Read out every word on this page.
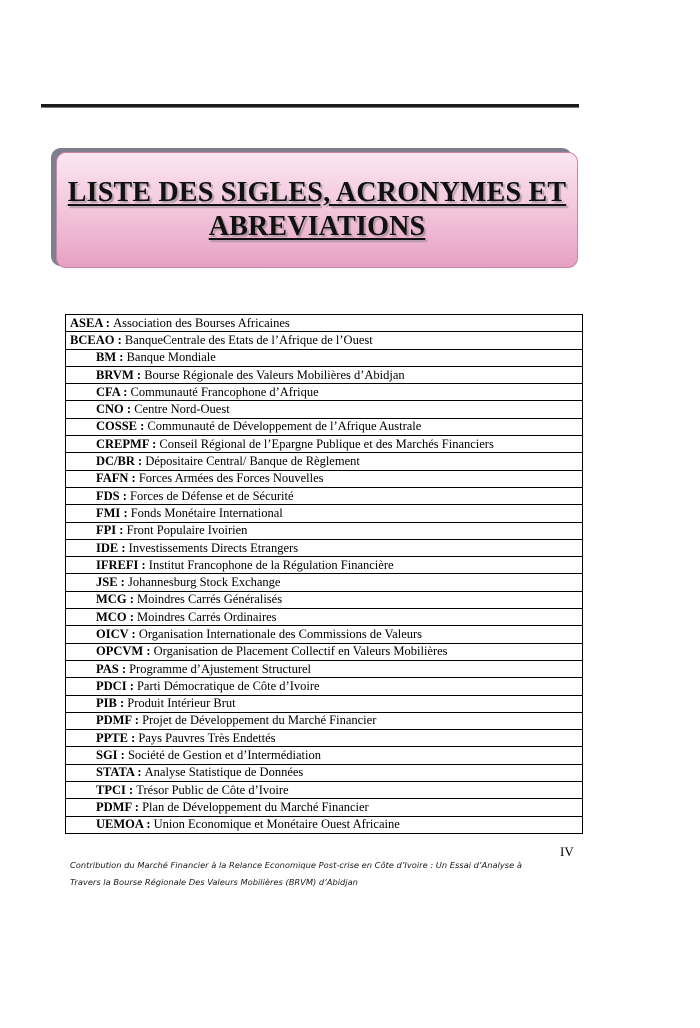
LISTE DES SIGLES, ACRONYMES ET
ABREVIATIONS
ASEA : Association des Bourses Africaines
BCEAO : BanqueCentrale des Etats de l’Afrique de l’Ouest
BM : Banque Mondiale
BRVM : Bourse Régionale des Valeurs Mobilières d’Abidjan
CFA : Communauté Francophone d’Afrique
CNO : Centre Nord-Ouest
COSSE : Communauté de Développement de l’Afrique Australe
CREPMF : Conseil Régional de l’Epargne Publique et des Marchés Financiers
DC/BR : Dépositaire Central/ Banque de Règlement
FAFN : Forces Armées des Forces Nouvelles
FDS : Forces de Défense et de Sécurité
FMI : Fonds Monétaire International
FPI : Front Populaire Ivoirien
IDE : Investissements Directs Etrangers
IFREFI : Institut Francophone de la Régulation Financière
JSE : Johannesburg Stock Exchange
MCG : Moindres Carrés Généralisés
MCO : Moindres Carrés Ordinaires
OICV : Organisation Internationale des Commissions de Valeurs
OPCVM : Organisation de Placement Collectif en Valeurs Mobilières
PAS : Programme d’Ajustement Structurel
PDCI : Parti Démocratique de Côte d’Ivoire
PIB : Produit Intérieur Brut
PDMF : Projet de Développement du Marché Financier
PPTE : Pays Pauvres Très Endettés
SGI : Société de Gestion et d’Intermédiation
STATA : Analyse Statistique de Données
TPCI : Trésor Public de Côte d’Ivoire
PDMF : Plan de Développement du Marché Financier
UEMOA : Union Economique et Monétaire Ouest Africaine
IV
Contribution du Marché Financier à la Relance Economique Post-crise en Côte d’Ivoire : Un Essai d’Analyse à
Travers la Bourse Régionale Des Valeurs Mobilières (BRVM) d’Abidjan
